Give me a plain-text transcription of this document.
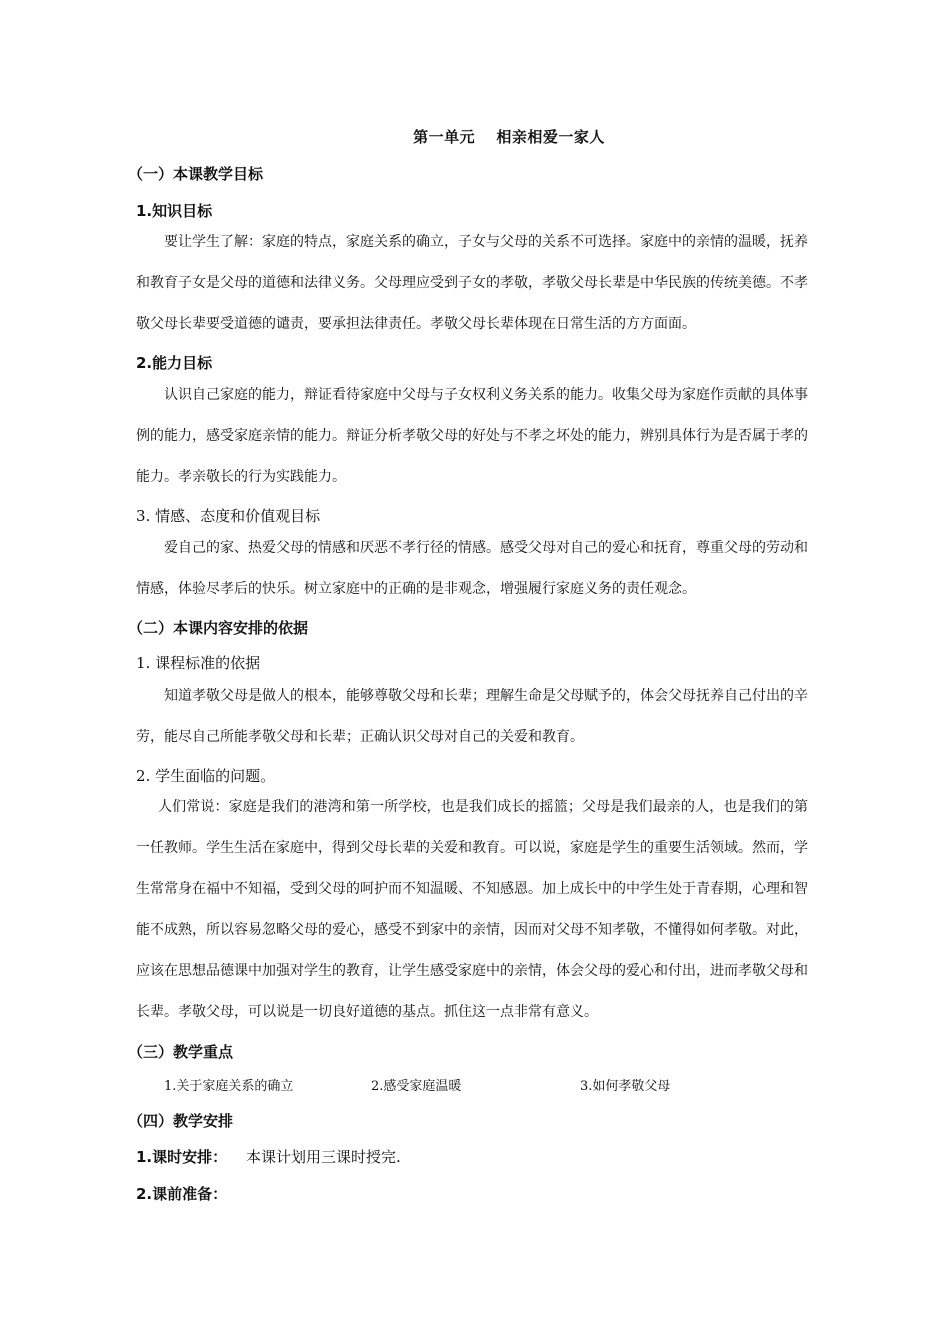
第一单元　 相亲相爱一家人
（一）本课教学目标
1.知识目标

要让学生了解：家庭的特点，家庭关系的确立，子女与父母的关系不可选择。家庭中的亲情的温暖，抚养和教育子女是父母的道德和法律义务。父母理应受到子女的孝敬，孝敬父母长辈是中华民族的传统美德。不孝敬父母长辈要受道德的谴责，要承担法律责任。孝敬父母长辈体现在日常生活的方方面面。

2.能力目标

认识自己家庭的能力，辩证看待家庭中父母与子女权利义务关系的能力。收集父母为家庭作贡献的具体事例的能力，感受家庭亲情的能力。辩证分析孝敬父母的好处与不孝之坏处的能力，辨别具体行为是否属于孝的能力。孝亲敬长的行为实践能力。

3. 情感、态度和价值观目标

爱自己的家、热爱父母的情感和厌恶不孝行径的情感。感受父母对自己的爱心和抚育，尊重父母的劳动和情感，体验尽孝后的快乐。树立家庭中的正确的是非观念，增强履行家庭义务的责任观念。

（二）本课内容安排的依据
1. 课程标准的依据

知道孝敬父母是做人的根本，能够尊敬父母和长辈；理解生命是父母赋予的，体会父母抚养自己付出的辛劳，能尽自己所能孝敬父母和长辈；正确认识父母对自己的关爱和教育。

2. 学生面临的问题。

人们常说：家庭是我们的港湾和第一所学校，也是我们成长的摇篮；父母是我们最亲的人，也是我们的第一任教师。学生生活在家庭中，得到父母长辈的关爱和教育。可以说，家庭是学生的重要生活领域。然而，学生常常身在福中不知福，受到父母的呵护而不知温暖、不知感恩。加上成长中的中学生处于青春期，心理和智能不成熟，所以容易忽略父母的爱心，感受不到家中的亲情，因而对父母不知孝敬，不懂得如何孝敬。对此，应该在思想品德课中加强对学生的教育，让学生感受家庭中的亲情，体会父母的爱心和付出，进而孝敬父母和长辈。孝敬父母，可以说是一切良好道德的基点。抓住这一点非常有意义。

（三）教学重点
1.关于家庭关系的确立	2.感受家庭温暖	3.如何孝敬父母
（四）教学安排
1.课时安排： 本课计划用三课时授完.
2.课前准备：
